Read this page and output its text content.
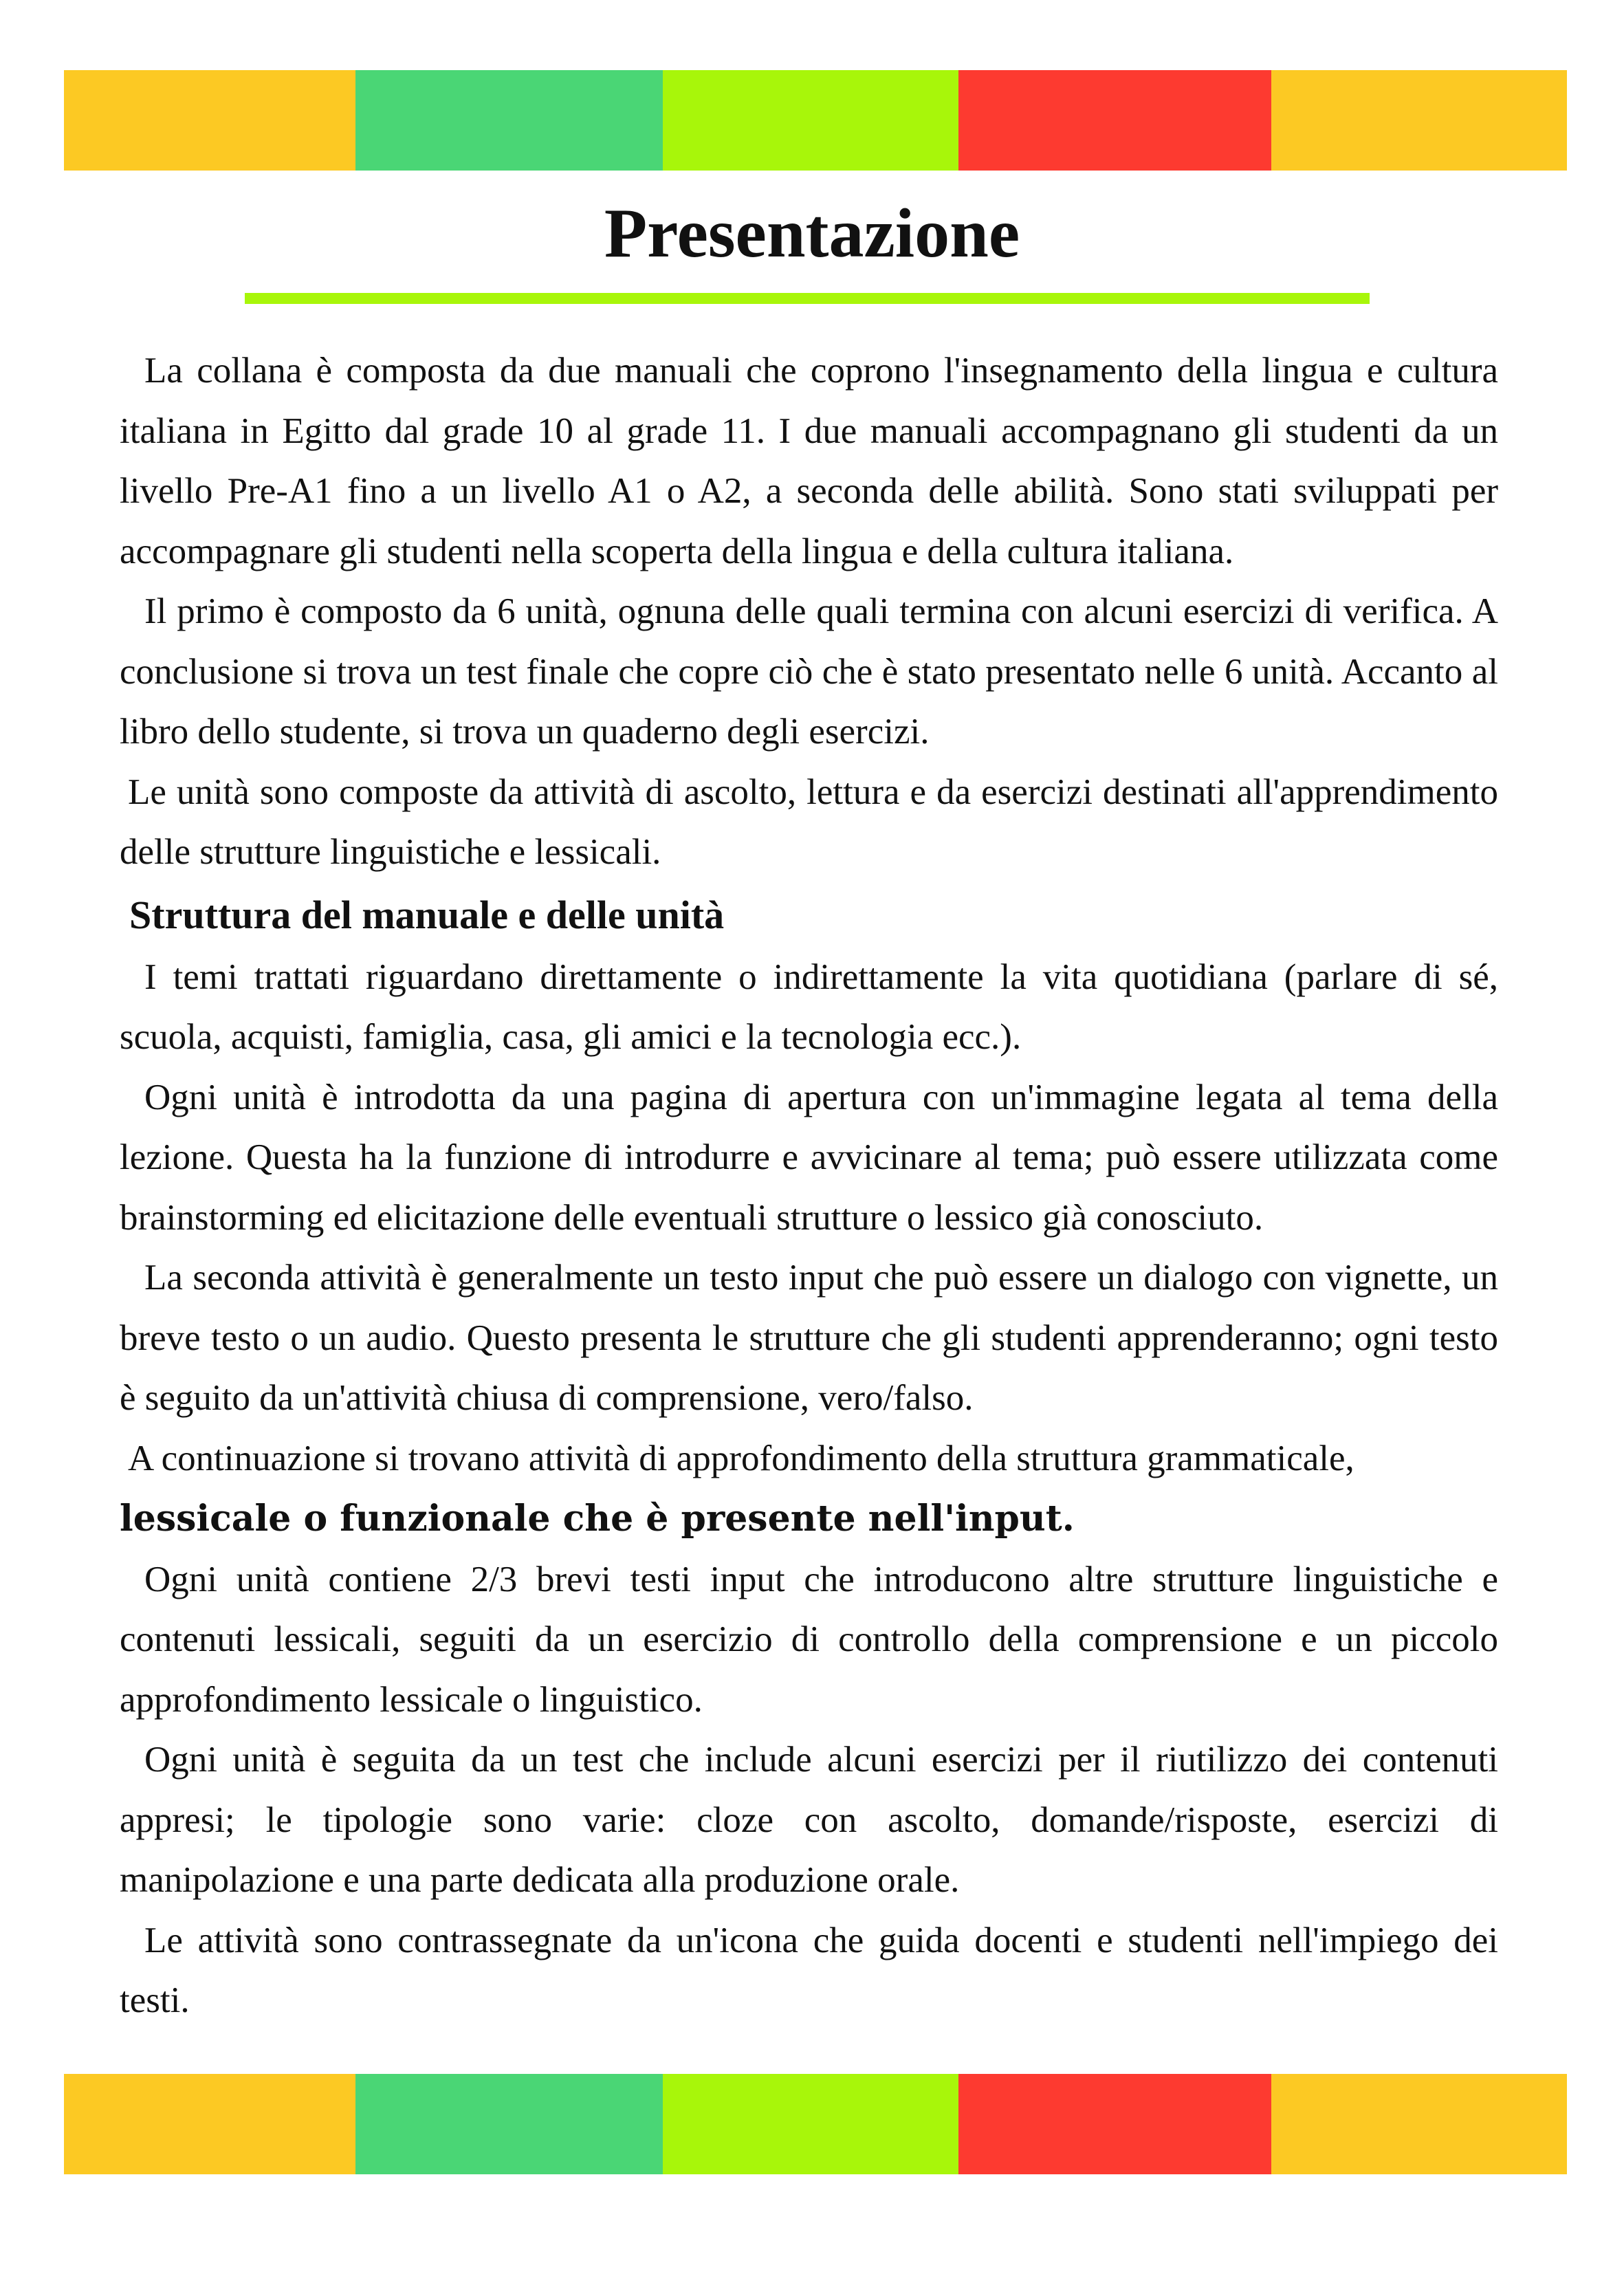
Presentazione

La collana è composta da due manuali che coprono l'insegnamento della lingua e cultura italiana in Egitto dal grade 10 al grade 11. I due manuali accompagnano gli studenti da un livello Pre-A1 fino a un livello A1 o A2, a seconda delle abilità. Sono stati sviluppati per accompagnare gli studenti nella scoperta della lingua e della cultura italiana.

Il primo è composto da 6 unità, ognuna delle quali termina con alcuni esercizi di verifica. A conclusione si trova un test finale che copre ciò che è stato presentato nelle 6 unità. Accanto al libro dello studente, si trova un quaderno degli esercizi.

Le unità sono composte da attività di ascolto, lettura e da esercizi destinati all'apprendimento delle strutture linguistiche e lessicali.

Struttura del manuale e delle unità

I temi trattati riguardano direttamente o indirettamente la vita quotidiana (parlare di sé, scuola, acquisti, famiglia, casa, gli amici e la tecnologia ecc.).

Ogni unità è introdotta da una pagina di apertura con un'immagine legata al tema della lezione. Questa ha la funzione di introdurre e avvicinare al tema; può essere utilizzata come brainstorming ed elicitazione delle eventuali strutture o lessico già conosciuto.

La seconda attività è generalmente un testo input che può essere un dialogo con vignette, un breve testo o un audio. Questo presenta le strutture che gli studenti apprenderanno; ogni testo è seguito da un'attività chiusa di comprensione, vero/falso.

A continuazione si trovano attività di approfondimento della struttura grammaticale,

lessicale o funzionale che è presente nell'input.

Ogni unità contiene 2/3 brevi testi input che introducono altre strutture linguistiche e contenuti lessicali, seguiti da un esercizio di controllo della comprensione e un piccolo approfondimento lessicale o linguistico.

Ogni unità è seguita da un test che include alcuni esercizi per il riutilizzo dei contenuti appresi; le tipologie sono varie: cloze con ascolto, domande/risposte, esercizi di manipolazione e una parte dedicata alla produzione orale.

Le attività sono contrassegnate da un'icona che guida docenti e studenti nell'impiego dei testi.
